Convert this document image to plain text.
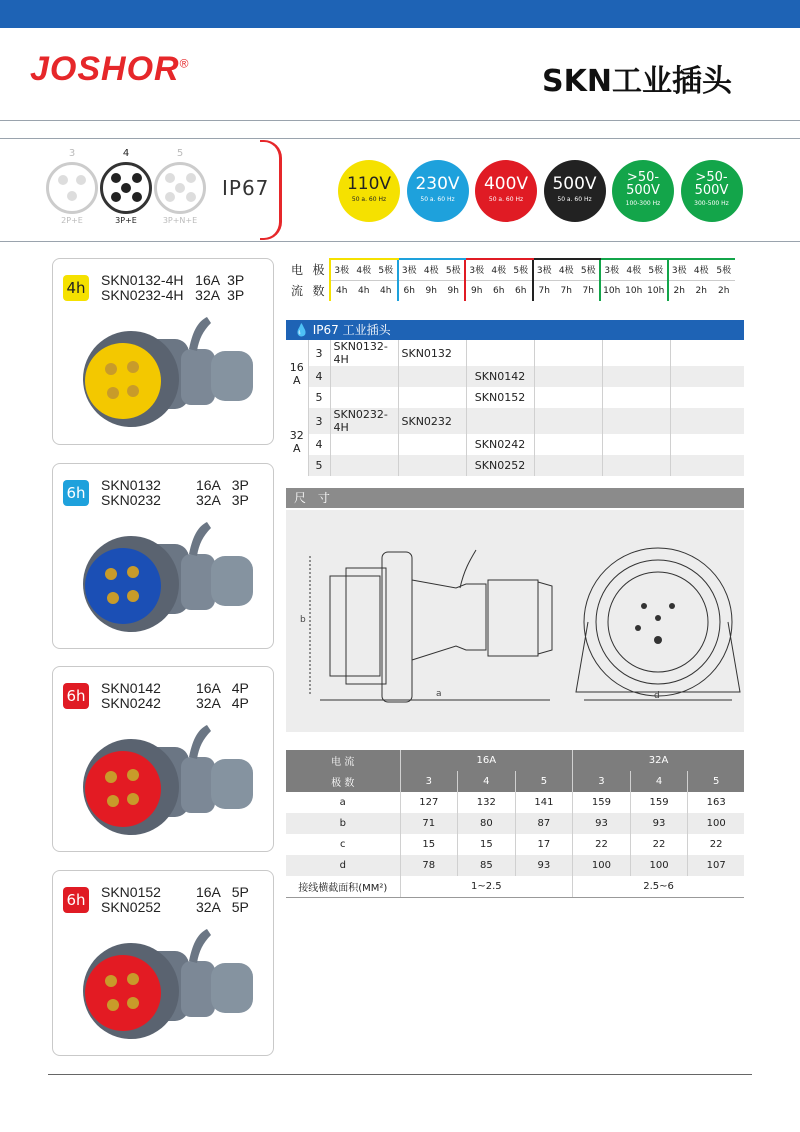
JOSHOR®
SKN工业插头
3
2P+E
4
3P+E
5
3P+N+E
IP67	110V
50 a. 60 Hz
230V
50 a. 60 Hz
400V
50 a. 60 Hz
500V
50 a. 60 Hz
>50-
500V
100-300 Hz
>50-
500V
300-500 Hz
4h SKN0132-4H   16A  3P
SKN0232-4H   32A  3P
6h SKN0132         16A   3P
SKN0232         32A   3P
6h SKN0142         16A   4P
SKN0242         32A   4P
6h SKN0152         16A   5P
SKN0252         32A   5P
电	极	3极	4极	5极	3极	4极	5极	3极	4极	5极	3极	4极	5极	3极	4极	5极	3极	4极	5极
流	数	4h	4h	4h	6h	9h	9h	9h	6h	6h	7h	7h	7h	10h	10h	10h	2h	2h	2h
💧 IP67 工业插头
16
A	3	SKN0132-4H	SKN0132				
	4			SKN0142			
	5			SKN0152			
32
A	3	SKN0232-4H	SKN0232				
	4			SKN0242			
	5			SKN0252			
尺 寸
a
b
d
电 流	16A			32A		
极 数	3	4	5	3	4	5
a	127	132	141	159	159	163
b	71	80	87	93	93	100
c	15	15	17	22	22	22
d	78	85	93	100	100	107
接线横截面积(MM²)	1~2.5			2.5~6		
